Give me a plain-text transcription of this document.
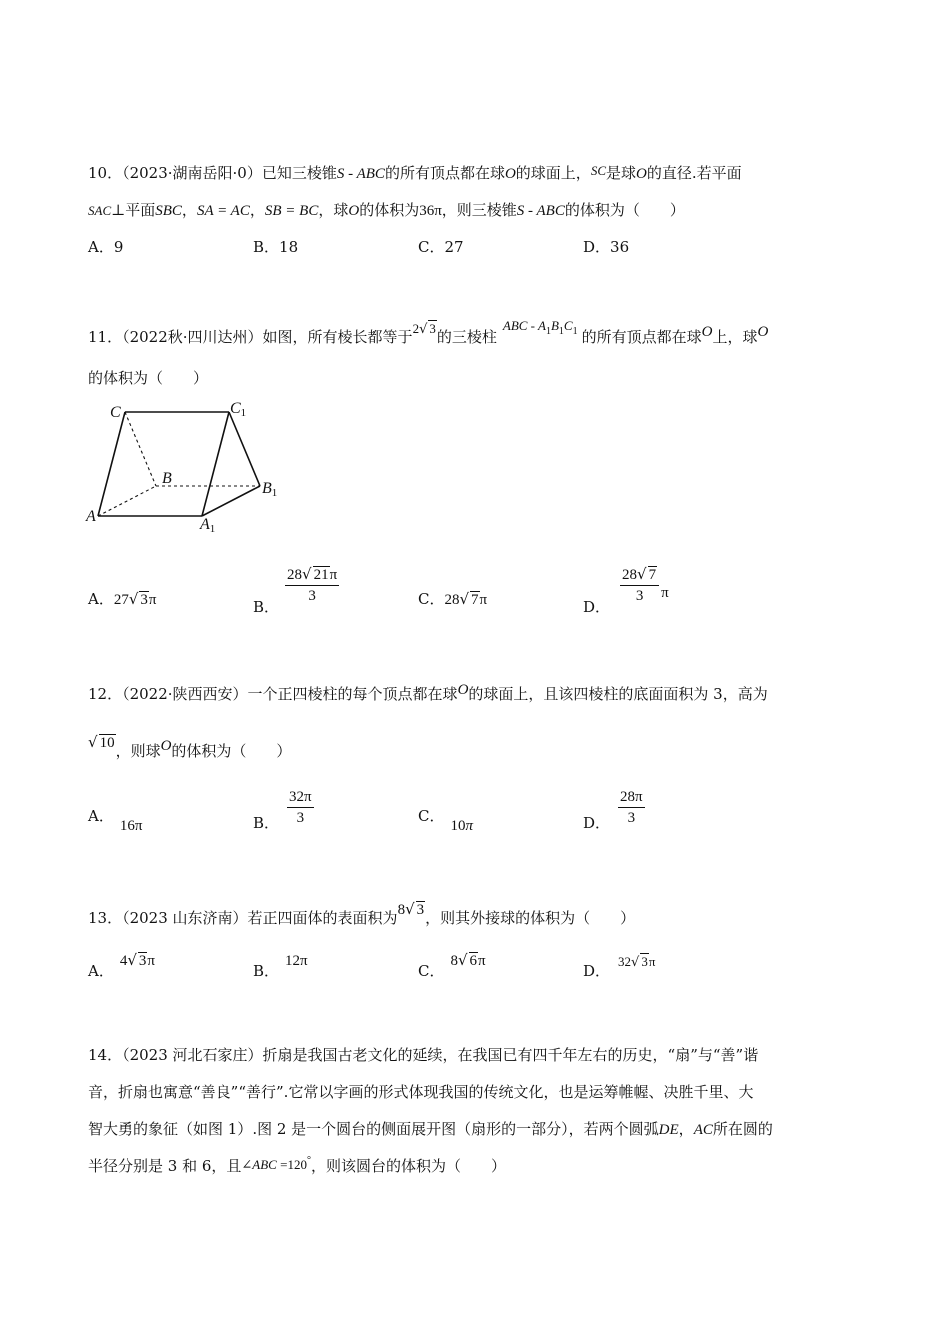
10．（2023·湖南岳阳·0）已知三棱锥S - ABC的所有顶点都在球O的球面上，SC是球O的直径.若平面
SAC⊥平面SBC，SA = AC，SB = BC，球O的体积为36π，则三棱锥S - ABC的体积为（　　）
A．9	B．18	C．27	D．36
11．（2022秋·四川达州）如图，所有棱长都等于2√ 3的三棱柱ABC - $A_1B_1C_1$ 的所有顶点都在球O上，球O
的体积为（　　）
C	C1
B
B1
A	A1
A．27√ 3π	B．
$\frac{28√ 21\pi}{3}$	C．28√ 7π	D．
$\frac{28√ 7}{3}$ π
12．（2022·陕西西安）一个正四棱柱的每个顶点都在球O的球面上，且该四棱柱的底面面积为 3，高为
√ 10，则球O的体积为（　　）
A．16π	B． $\frac{32\pi}{3}$	C．10π	D． $\frac{28\pi}{3}$
13．（2023 山东济南）若正四面体的表面积为8√ 3，则其外接球的体积为（　　）
A．4√ 3π
B．12π
C．8√ 6π
D．32√ 3π
14．（2023 河北石家庄）折扇是我国古老文化的延续，在我国已有四千年左右的历史，“扇”与“善”谐
音，折扇也寓意“善良”“善行”.它常以字画的形式体现我国的传统文化，也是运筹帷幄、决胜千里、大
智大勇的象征（如图 1）.图 2 是一个圆台的侧面展开图（扇形的一部分），若两个圆弧DE，AC所在圆的
半径分别是 3 和 6，且∠ABC =120°，则该圆台的体积为（　　）
